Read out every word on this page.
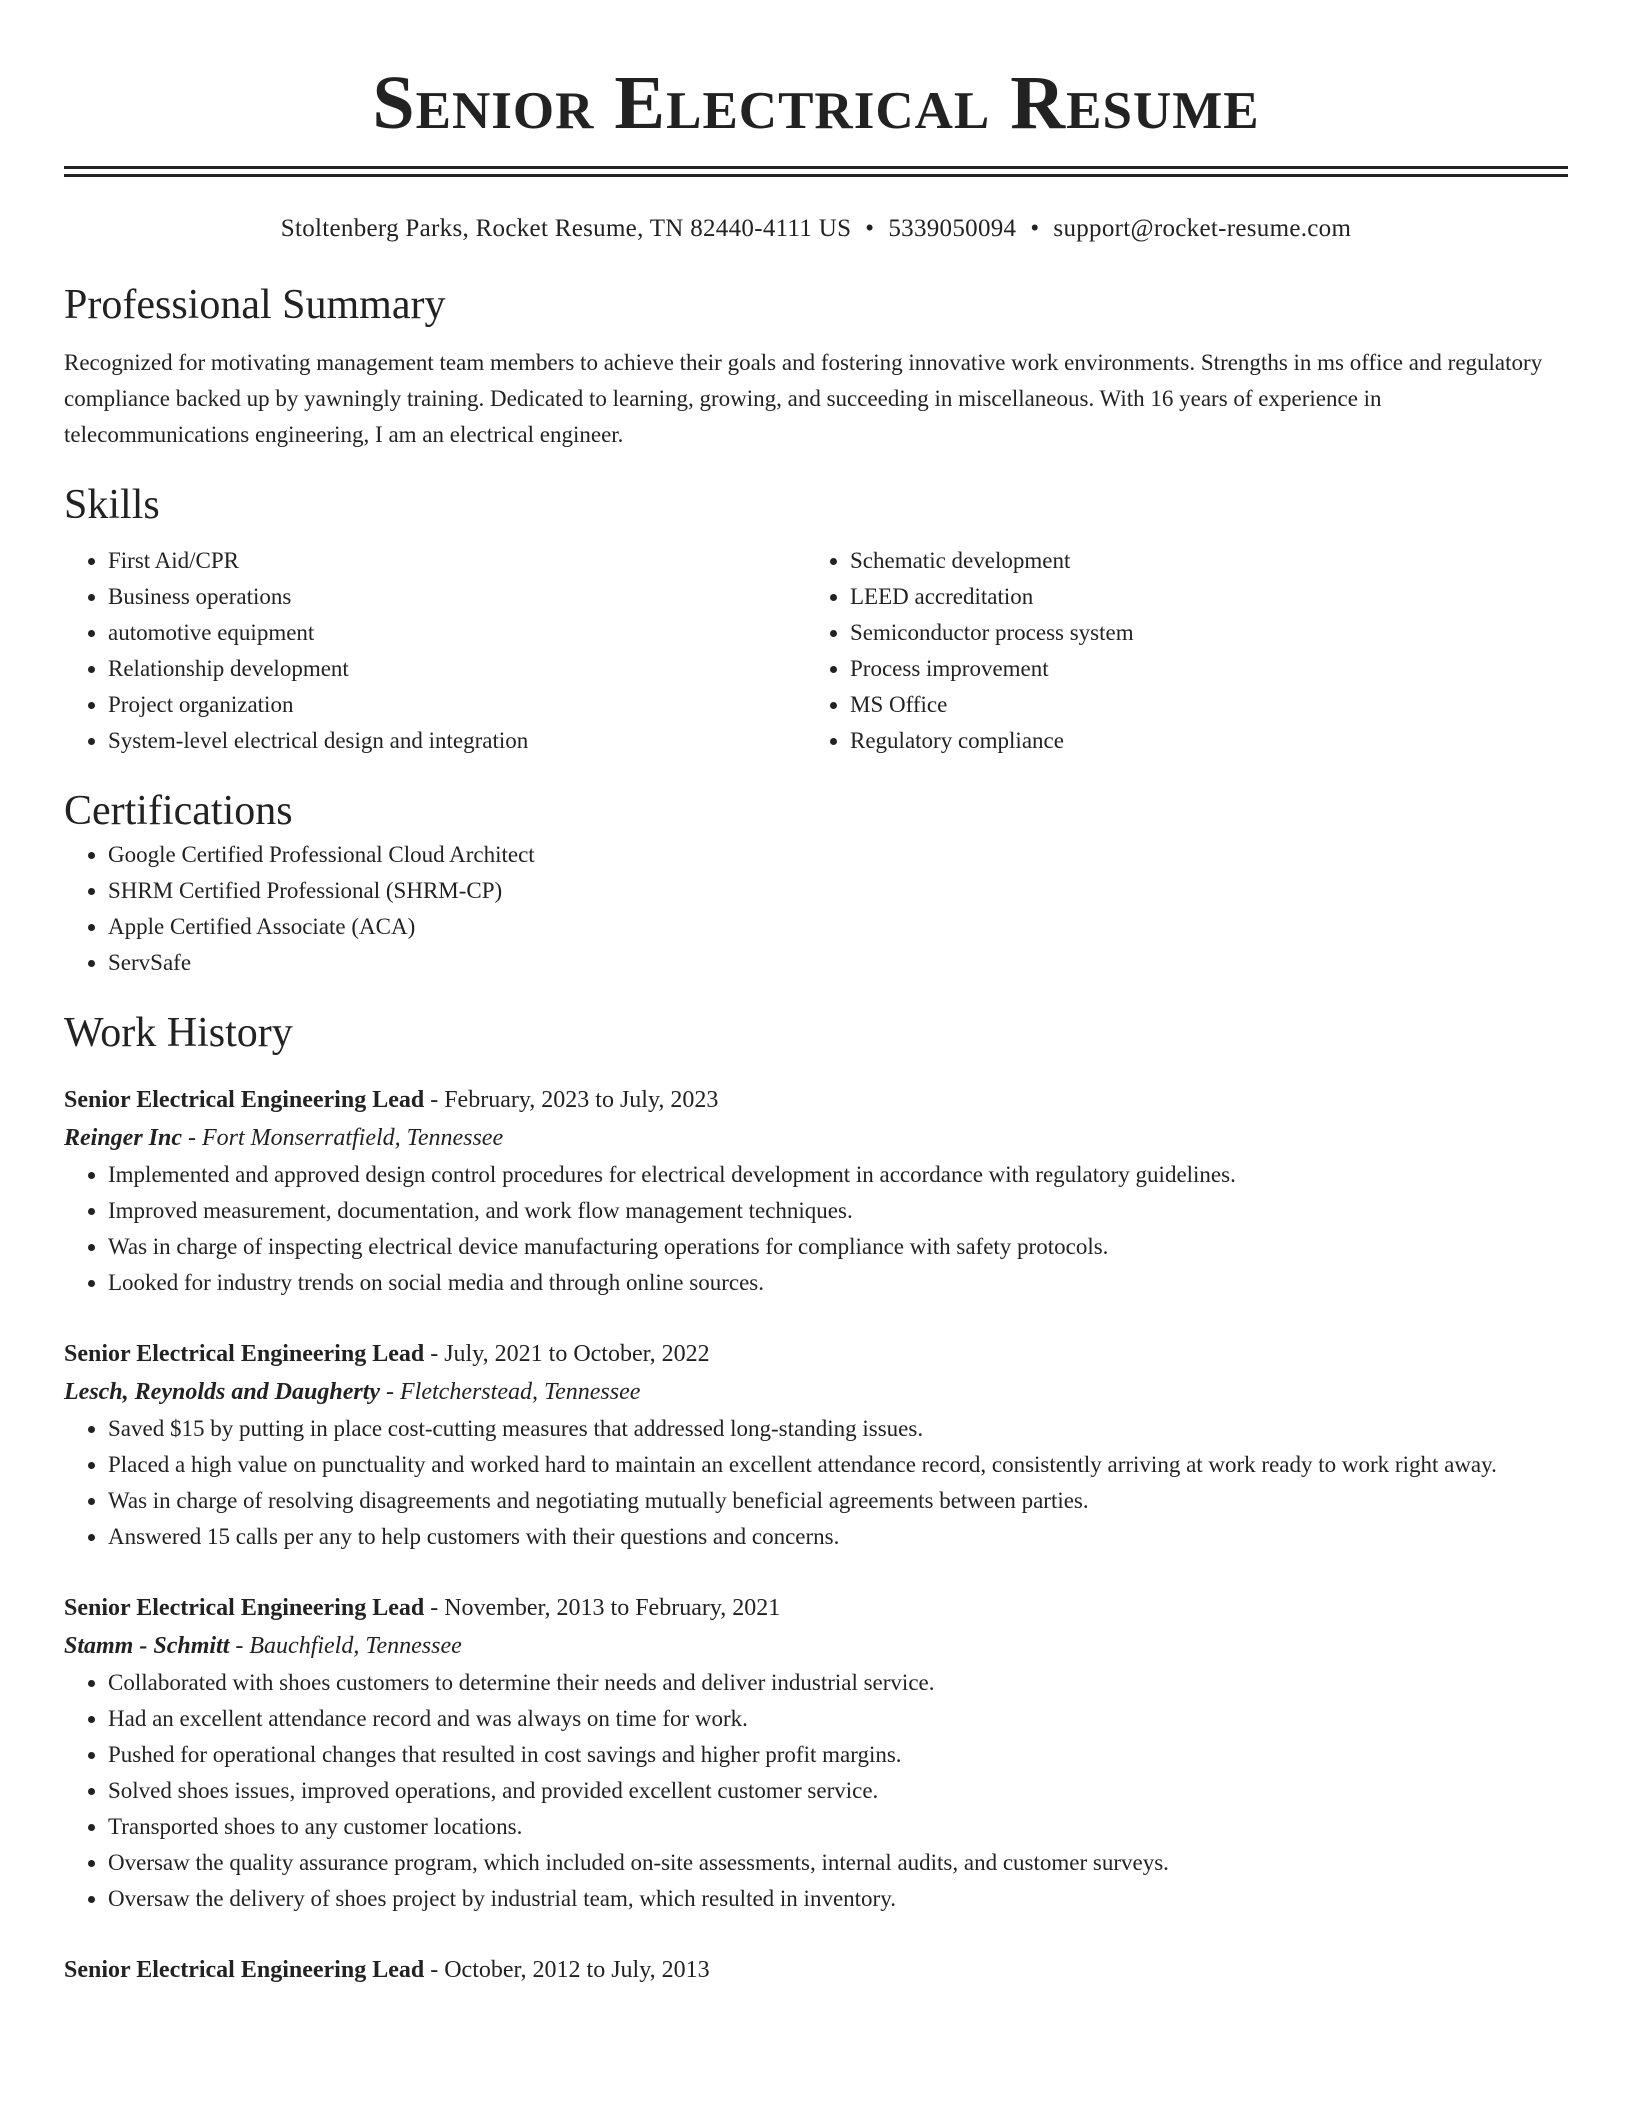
Senior Electrical Resume
Stoltenberg Parks, Rocket Resume, TN 82440-4111 US • 5339050094 • support@rocket-resume.com
Professional Summary

Recognized for motivating management team members to achieve their goals and fostering innovative work environments. Strengths in ms office and regulatory compliance backed up by yawningly training. Dedicated to learning, growing, and succeeding in miscellaneous. With 16 years of experience in telecommunications engineering, I am an electrical engineer.

Skills
• First Aid/CPR
• Business operations
• automotive equipment
• Relationship development
• Project organization
• System-level electrical design and integration
• Schematic development
• LEED accreditation
• Semiconductor process system
• Process improvement
• MS Office
• Regulatory compliance
Certifications
• Google Certified Professional Cloud Architect
• SHRM Certified Professional (SHRM-CP)
• Apple Certified Associate (ACA)
• ServSafe
Work History
Senior Electrical Engineering Lead - February, 2023 to July, 2023
Reinger Inc - Fort Monserratfield, Tennessee
• Implemented and approved design control procedures for electrical development in accordance with regulatory guidelines.
• Improved measurement, documentation, and work flow management techniques.
• Was in charge of inspecting electrical device manufacturing operations for compliance with safety protocols.
• Looked for industry trends on social media and through online sources.
Senior Electrical Engineering Lead - July, 2021 to October, 2022
Lesch, Reynolds and Daugherty - Fletcherstead, Tennessee
• Saved $15 by putting in place cost-cutting measures that addressed long-standing issues.
• Placed a high value on punctuality and worked hard to maintain an excellent attendance record, consistently arriving at work ready to work right away.
• Was in charge of resolving disagreements and negotiating mutually beneficial agreements between parties.
• Answered 15 calls per any to help customers with their questions and concerns.
Senior Electrical Engineering Lead - November, 2013 to February, 2021
Stamm - Schmitt - Bauchfield, Tennessee
• Collaborated with shoes customers to determine their needs and deliver industrial service.
• Had an excellent attendance record and was always on time for work.
• Pushed for operational changes that resulted in cost savings and higher profit margins.
• Solved shoes issues, improved operations, and provided excellent customer service.
• Transported shoes to any customer locations.
• Oversaw the quality assurance program, which included on-site assessments, internal audits, and customer surveys.
• Oversaw the delivery of shoes project by industrial team, which resulted in inventory.
Senior Electrical Engineering Lead - October, 2012 to July, 2013
